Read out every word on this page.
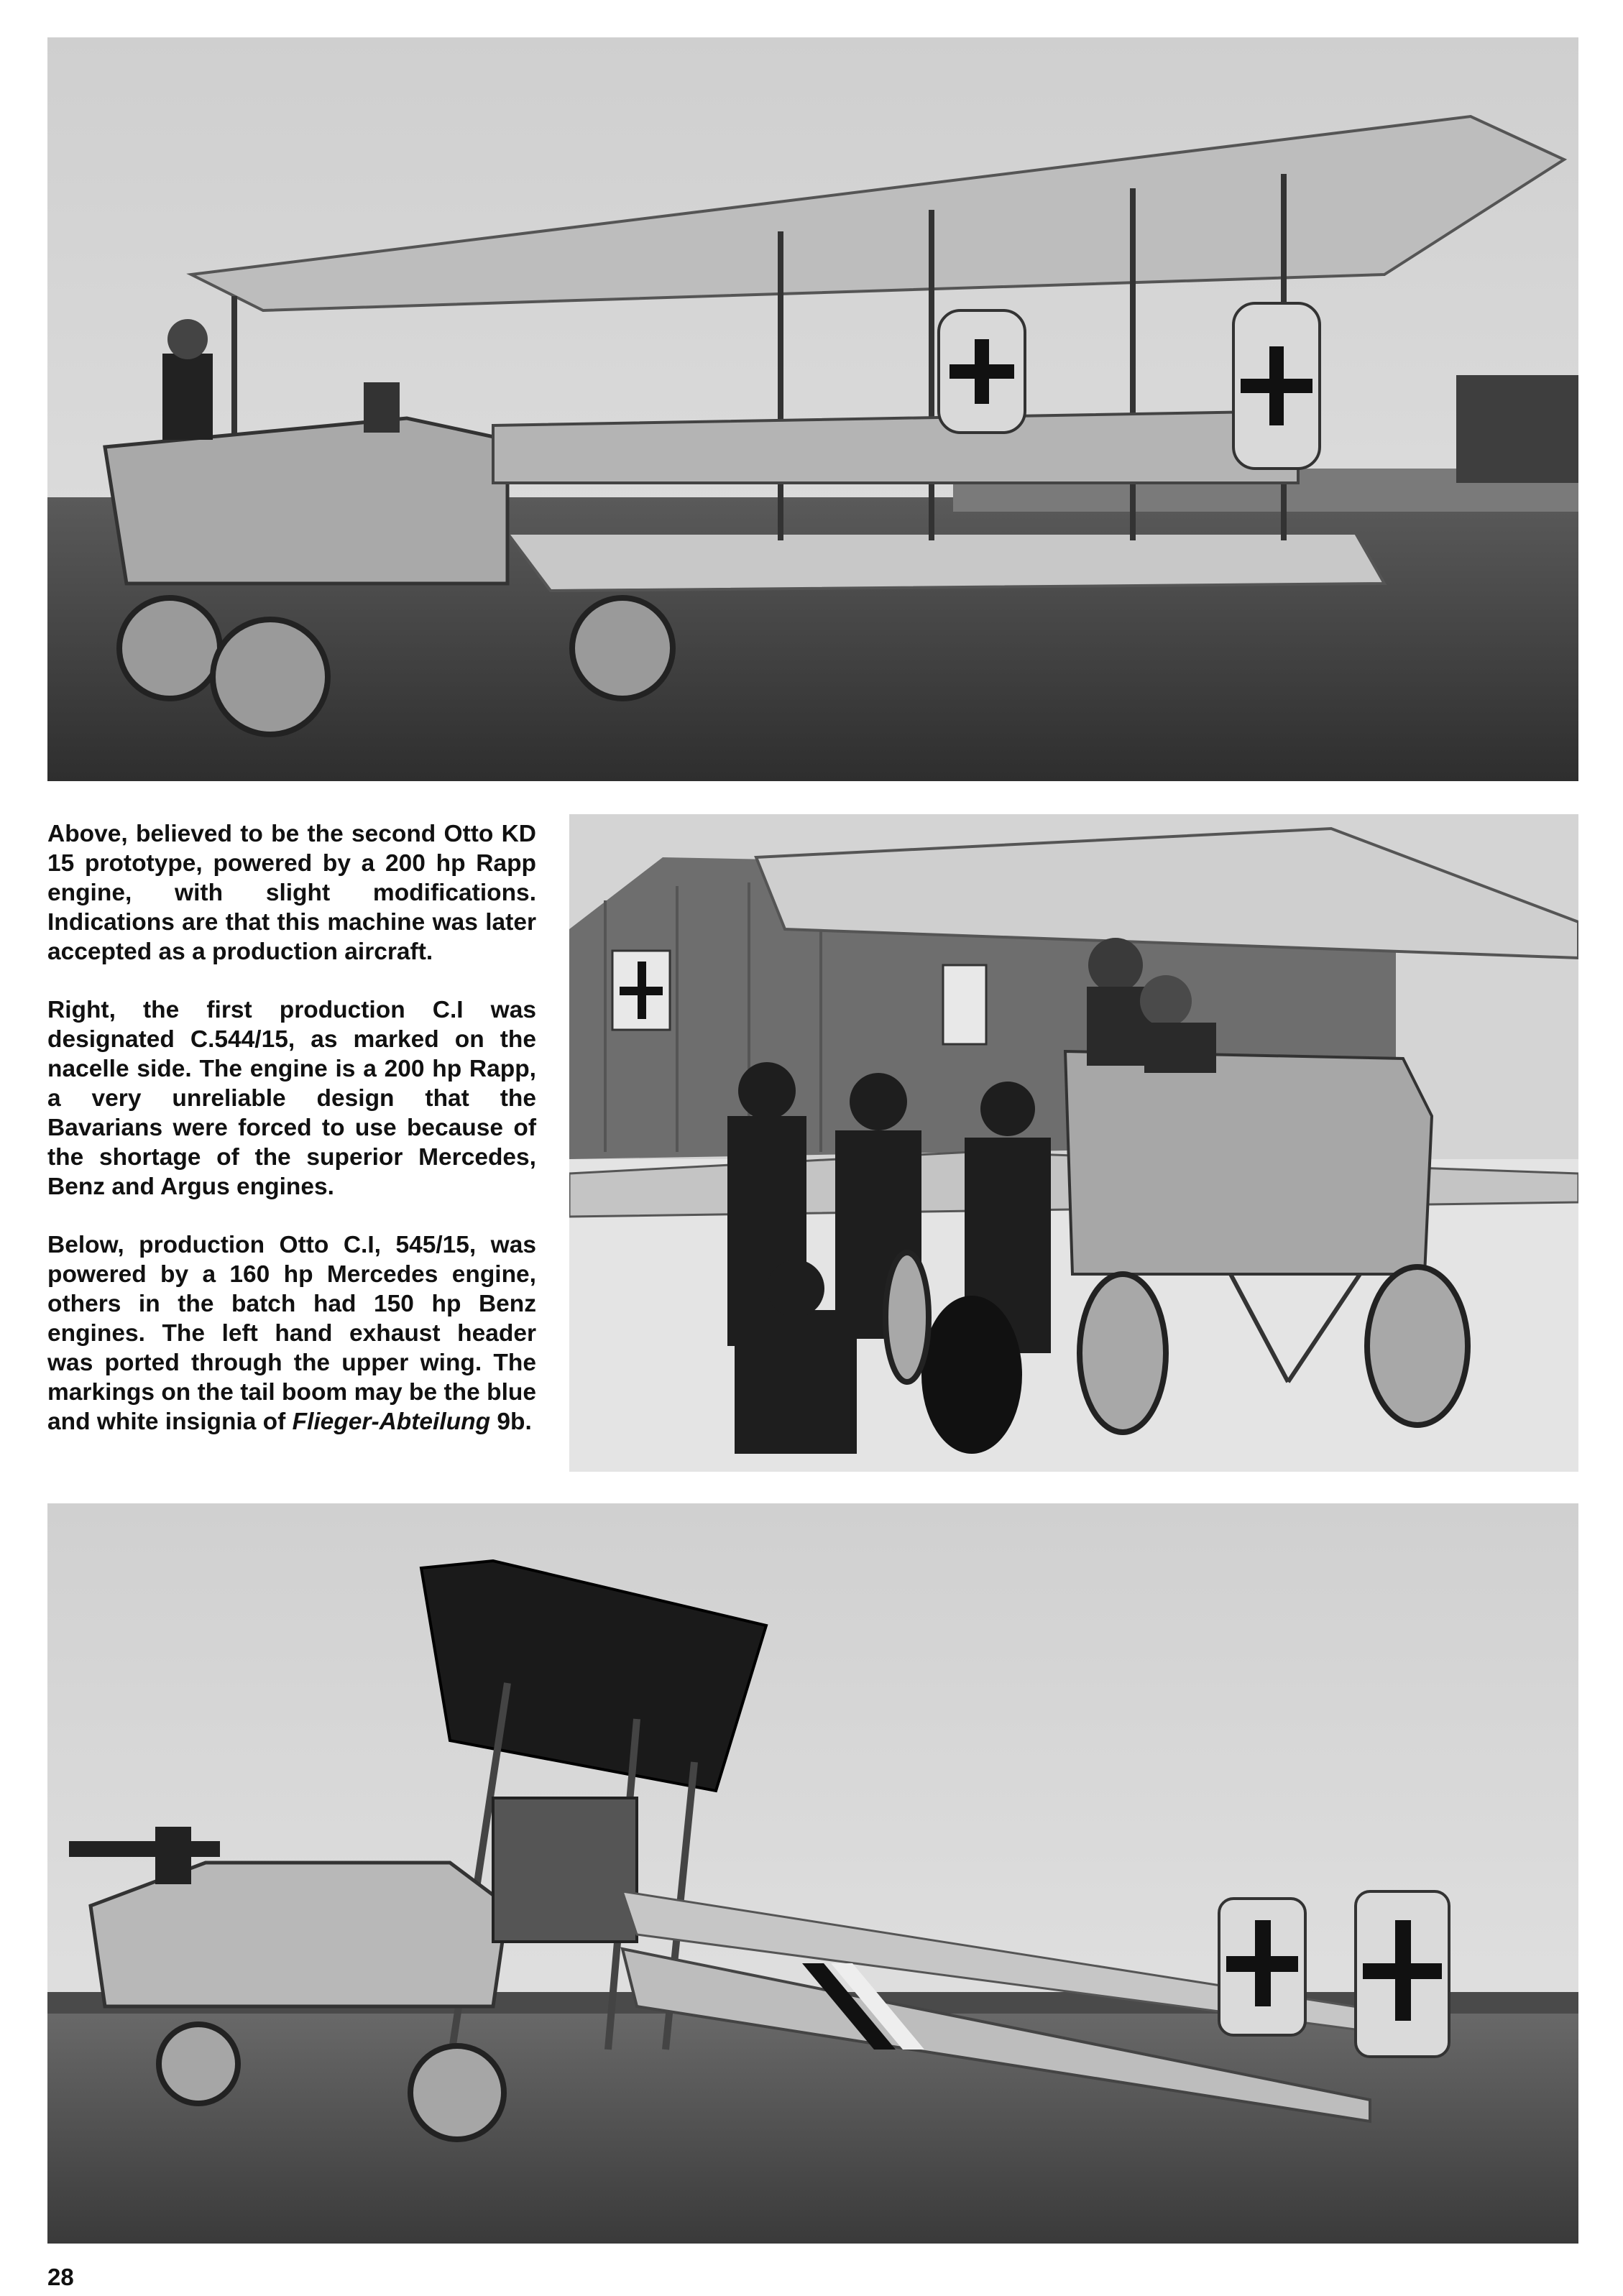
Above, believed to be the second Otto KD 15 prototype, powered by a 200 hp Rapp engine, with slight modifications. Indications are that this machine was later accepted as a production aircraft.

Right, the first production C.I was designated C.544/15, as marked on the nacelle side. The engine is a 200 hp Rapp, a very unreliable design that the Bavarians were forced to use because of the shortage of the superior Mercedes, Benz and Argus engines.

Below, production Otto C.I, 545/15, was powered by a 160 hp Mercedes engine, others in the batch had 150 hp Benz engines. The left hand exhaust header was ported through the upper wing. The markings on the tail boom may be the blue and white insignia of Flieger-Abteilung 9b.

28
